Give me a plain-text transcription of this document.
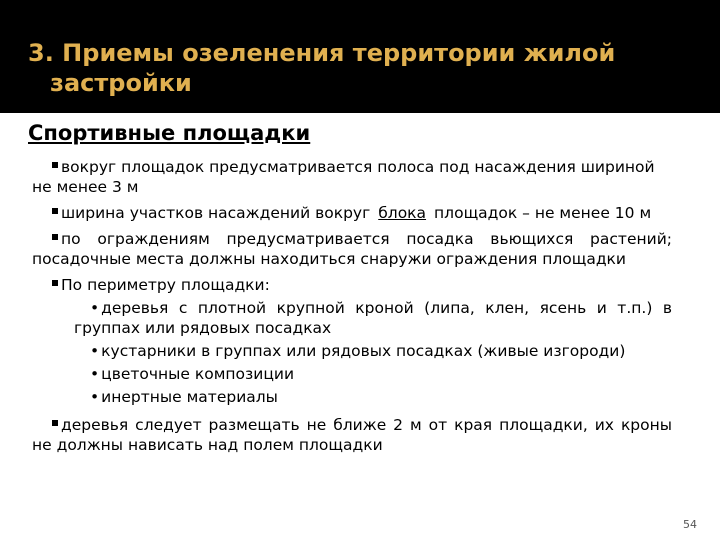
3. Приемы озеленения территории жилой
застройки
Спортивные площадки

вокруг площадок предусматривается полоса под насаждения шириной
не менее 3 м

ширина участков насаждений вокруг блока площадок – не менее 10 м

по ограждениям предусматривается посадка вьющихся растений; посадочные места должны находиться снаружи ограждения площадки

По периметру площадки:

• деревья с плотной крупной кроной (липа, клен, ясень и т.п.) в группах или рядовых посадках

• кустарники в группах или рядовых посадках (живые изгороди)

• цветочные композиции

• инертные материалы

деревья следует размещать не ближе 2 м от края площадки, их кроны не должны нависать над полем площадки

54
